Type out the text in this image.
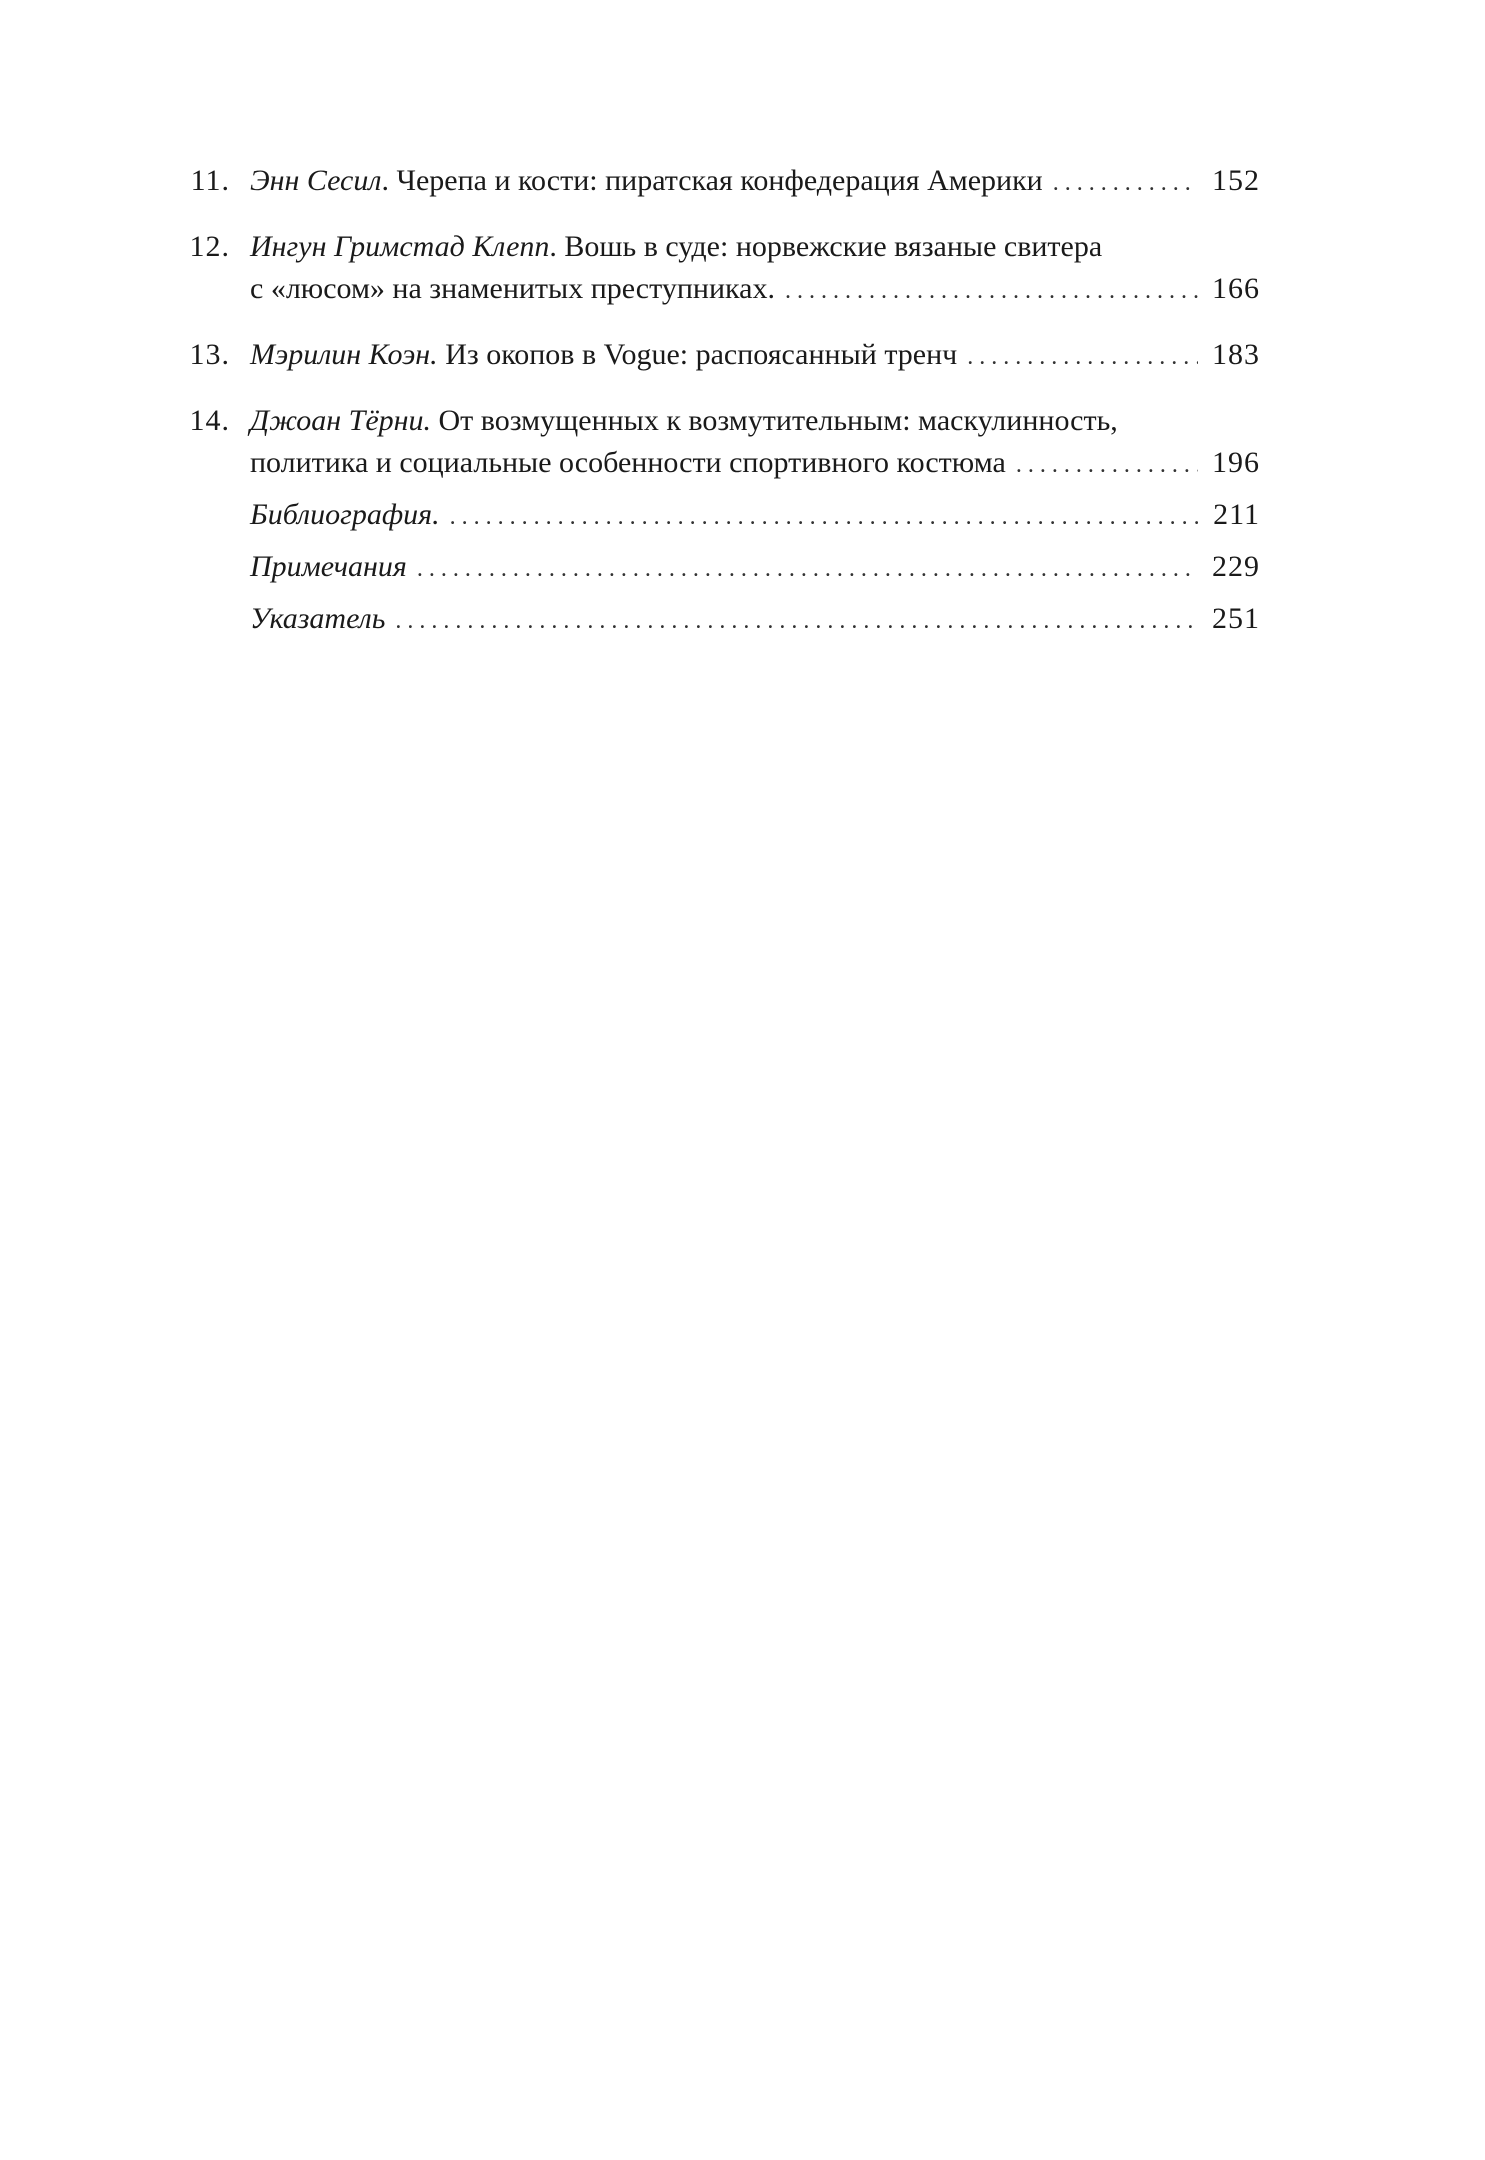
11. Энн Сесил. Черепа и кости: пиратская конфедерация Америки . . .	152
12. Ингун Гримстад Клепп. Вошь в суде: норвежские вязаные свитера
с «люсом» на знаменитых преступниках. . . .	166
13. Мэрилин Коэн. Из окопов в Vogue: распоясанный тренч . . .	183
14. Джоан Тёрни. От возмущенных к возмутительным: маскулинность,
политика и социальные особенности спортивного костюма . . .	196
Библиография. . . .	211
Примечания . . .	229
Указатель . . .	251
